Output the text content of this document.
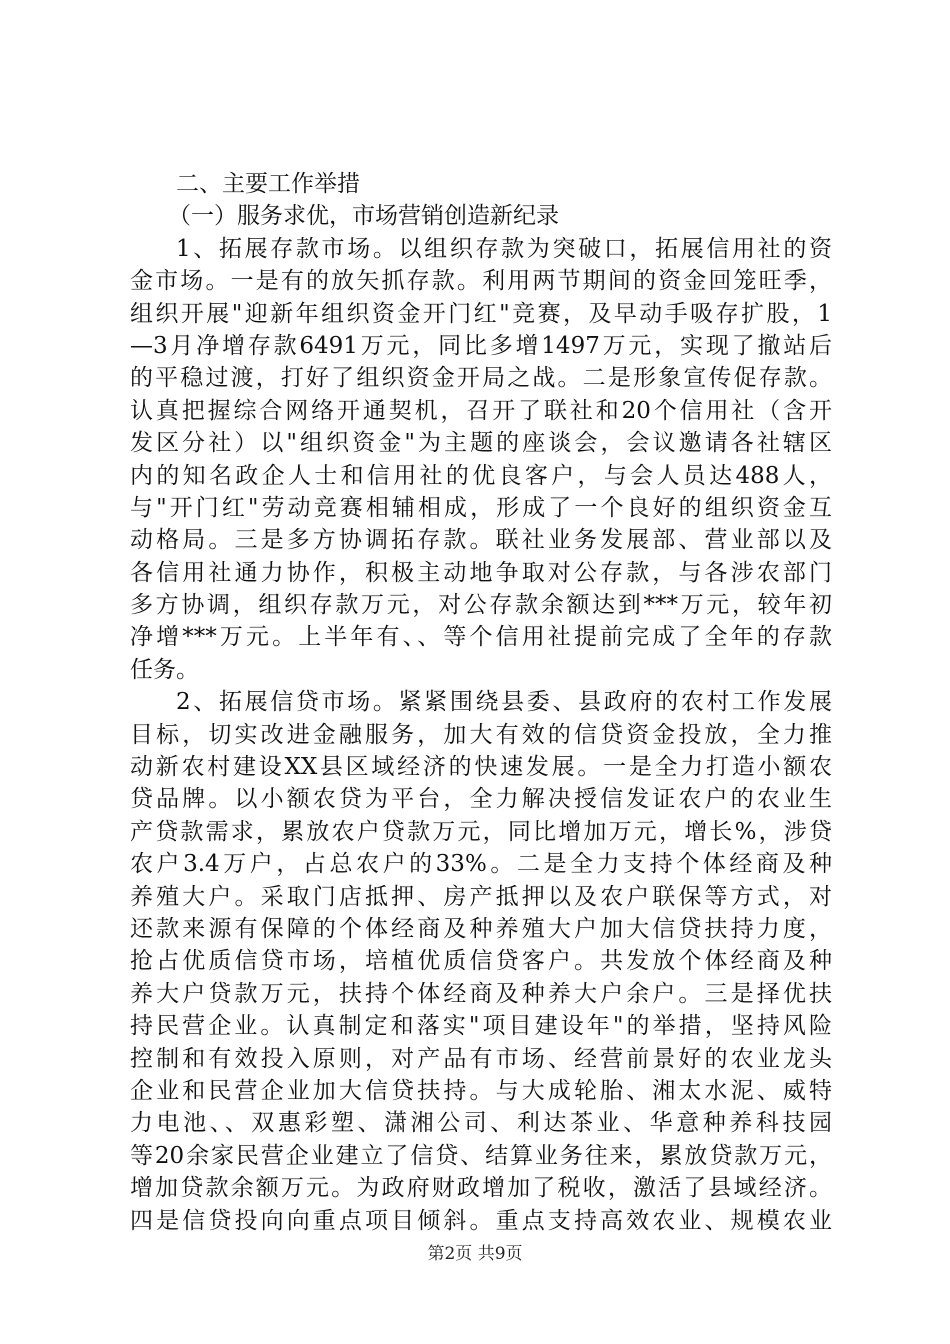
二、主要工作举措
（一）服务求优，市场营销创造新纪录
1、拓展存款市场。以组织存款为突破口，拓展信用社的资
金市场。一是有的放矢抓存款。利用两节期间的资金回笼旺季，
组织开展"迎新年组织资金开门红"竞赛，及早动手吸存扩股，1
—3月净增存款6491万元，同比多增1497万元，实现了撤站后
的平稳过渡，打好了组织资金开局之战。二是形象宣传促存款。
认真把握综合网络开通契机，召开了联社和20个信用社（含开
发区分社）以"组织资金"为主题的座谈会，会议邀请各社辖区
内的知名政企人士和信用社的优良客户，与会人员达488人，
与"开门红"劳动竞赛相辅相成，形成了一个良好的组织资金互
动格局。三是多方协调拓存款。联社业务发展部、营业部以及
各信用社通力协作，积极主动地争取对公存款，与各涉农部门
多方协调，组织存款万元，对公存款余额达到***万元，较年初
净增***万元。上半年有、、等个信用社提前完成了全年的存款
任务。
2、拓展信贷市场。紧紧围绕县委、县政府的农村工作发展
目标，切实改进金融服务，加大有效的信贷资金投放，全力推
动新农村建设XX县区域经济的快速发展。一是全力打造小额农
贷品牌。以小额农贷为平台，全力解决授信发证农户的农业生
产贷款需求，累放农户贷款万元，同比增加万元，增长%，涉贷
农户3.4万户，占总农户的33%。二是全力支持个体经商及种
养殖大户。采取门店抵押、房产抵押以及农户联保等方式，对
还款来源有保障的个体经商及种养殖大户加大信贷扶持力度，
抢占优质信贷市场，培植优质信贷客户。共发放个体经商及种
养大户贷款万元，扶持个体经商及种养大户余户。三是择优扶
持民营企业。认真制定和落实"项目建设年"的举措，坚持风险
控制和有效投入原则，对产品有市场、经营前景好的农业龙头
企业和民营企业加大信贷扶持。与大成轮胎、湘太水泥、威特
力电池、、双惠彩塑、潇湘公司、利达茶业、华意种养科技园
等20余家民营企业建立了信贷、结算业务往来，累放贷款万元，
增加贷款余额万元。为政府财政增加了税收，激活了县域经济。
四是信贷投向向重点项目倾斜。重点支持高效农业、规模农业
第2页 共9页
